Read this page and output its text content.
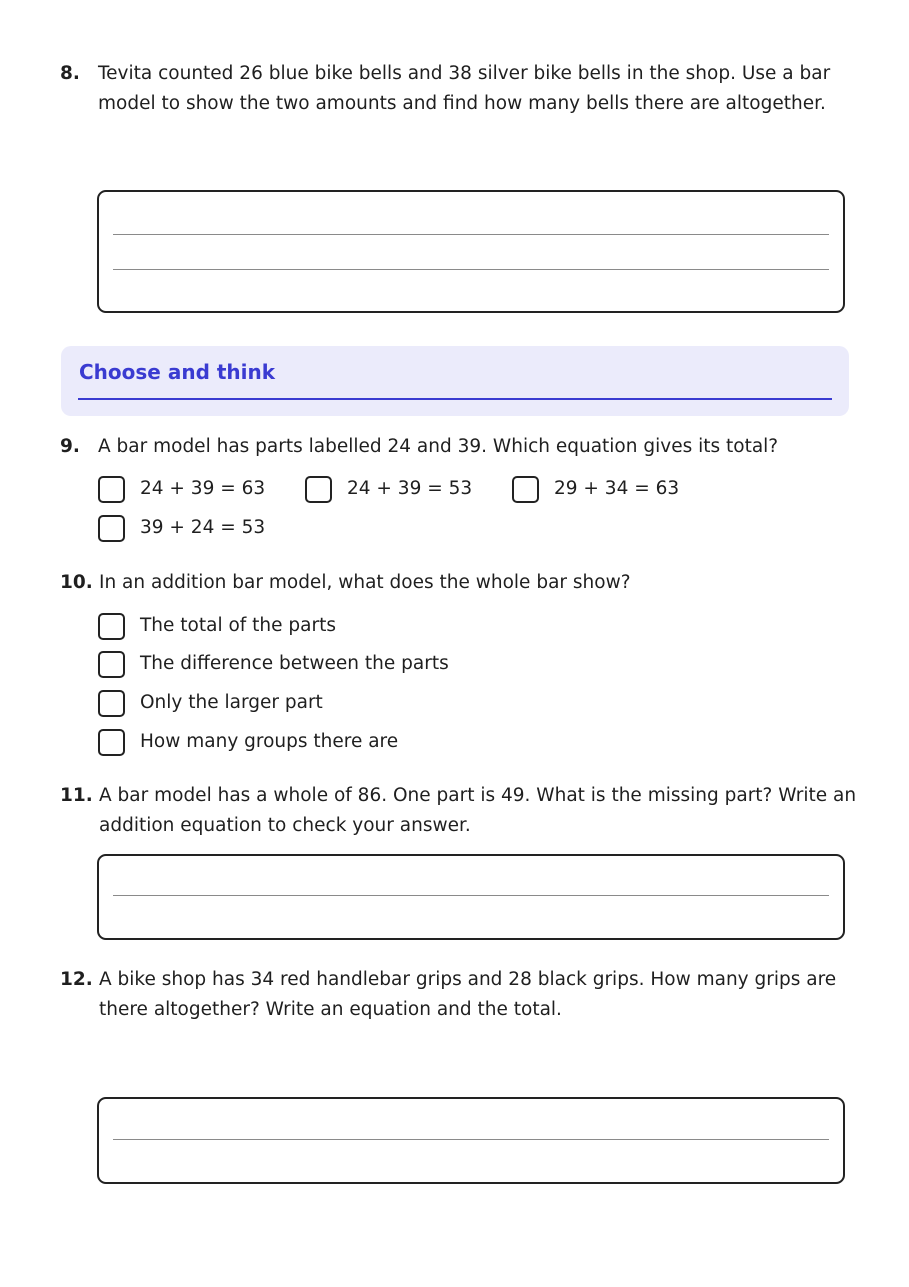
8. Tevita counted 26 blue bike bells and 38 silver bike bells in the shop. Use a bar model to show the two amounts and find how many bells there are altogether.
Choose and think
9. A bar model has parts labelled 24 and 39. Which equation gives its total?
24 + 39 = 63	24 + 39 = 53	29 + 34 = 63
39 + 24 = 53
10. In an addition bar model, what does the whole bar show?
The total of the parts
The difference between the parts
Only the larger part
How many groups there are
11. A bar model has a whole of 86. One part is 49. What is the missing part? Write an addition equation to check your answer.
12. A bike shop has 34 red handlebar grips and 28 black grips. How many grips are there altogether? Write an equation and the total.
